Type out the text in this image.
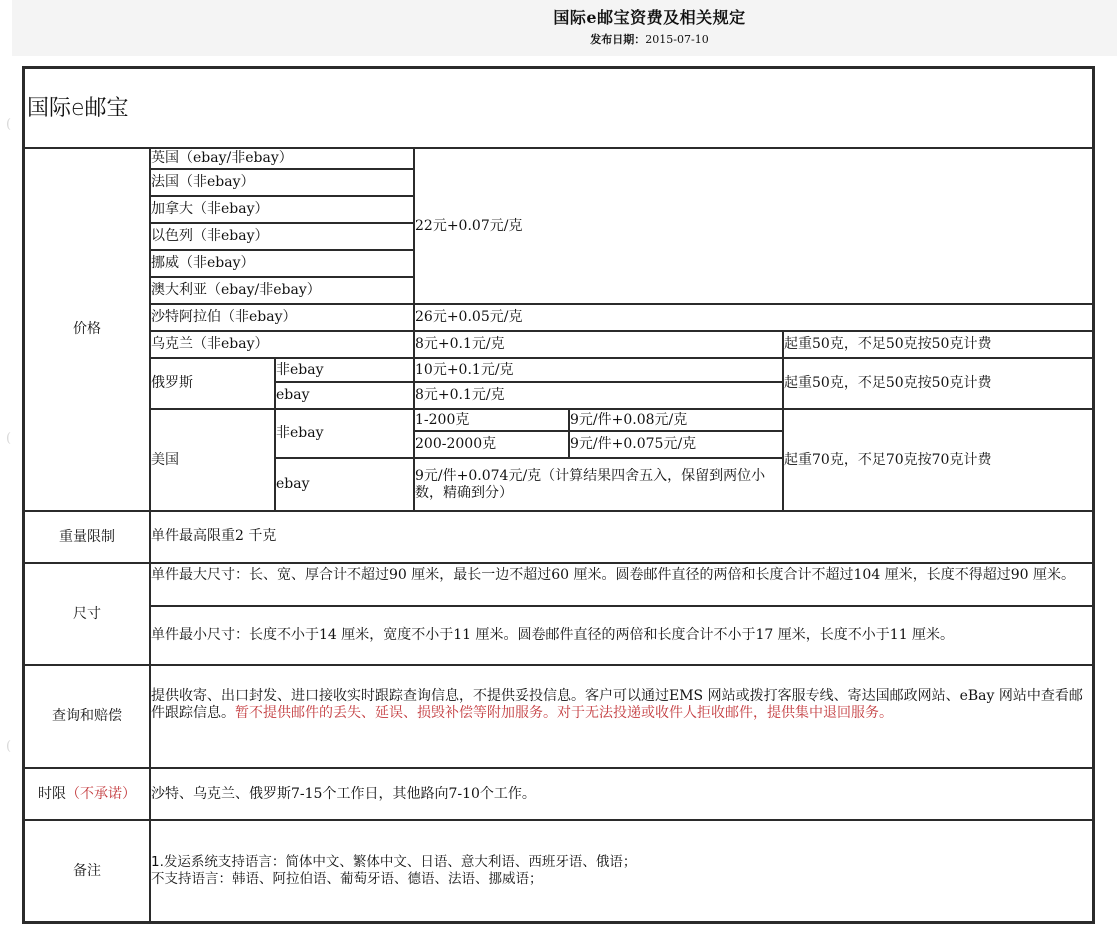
国际e邮宝资费及相关规定
发布日期：2015-07-10
(
(
(
国际e邮宝
价格	英国（ebay/非ebay）		22元+0.07元/克		
	法国（非ebay）				
	加拿大（非ebay）				
	以色列（非ebay）				
	挪威（非ebay）				
	澳大利亚（ebay/非ebay）				
	沙特阿拉伯（非ebay）		26元+0.05元/克		
	乌克兰（非ebay）		8元+0.1元/克		起重50克，不足50克按50克计费
	俄罗斯	非ebay	10元+0.1元/克		起重50克，不足50克按50克计费
		ebay	8元+0.1元/克		
	美国	非ebay	1-200克	9元/件+0.08元/克	起重70克，不足70克按70克计费
			200-2000克	9元/件+0.075元/克	
		ebay	9元/件+0.074元/克（计算结果四舍五入，保留到两位小数，精确到分）		
重量限制	单件最高限重2 千克				
尺寸	单件最大尺寸：长、宽、厚合计不超过90 厘米，最长一边不超过60 厘米。圆卷邮件直径的两倍和长度合计不超过104 厘米，长度不得超过90 厘米。				
	单件最小尺寸：长度不小于14 厘米，宽度不小于11 厘米。圆卷邮件直径的两倍和长度合计不小于17 厘米，长度不小于11 厘米。				
查询和赔偿	提供收寄、出口封发、进口接收实时跟踪查询信息，不提供妥投信息。客户可以通过EMS 网站或拨打客服专线、寄达国邮政网站、eBay 网站中查看邮件跟踪信息。暂不提供邮件的丢失、延误、损毁补偿等附加服务。对于无法投递或收件人拒收邮件，提供集中退回服务。				
时限（不承诺）	沙特、乌克兰、俄罗斯7-15个工作日，其他路向7-10个工作。				
备注	1.发运系统支持语言：简体中文、繁体中文、日语、意大利语、西班牙语、俄语；
不支持语言：韩语、阿拉伯语、葡萄牙语、德语、法语、挪威语；				
